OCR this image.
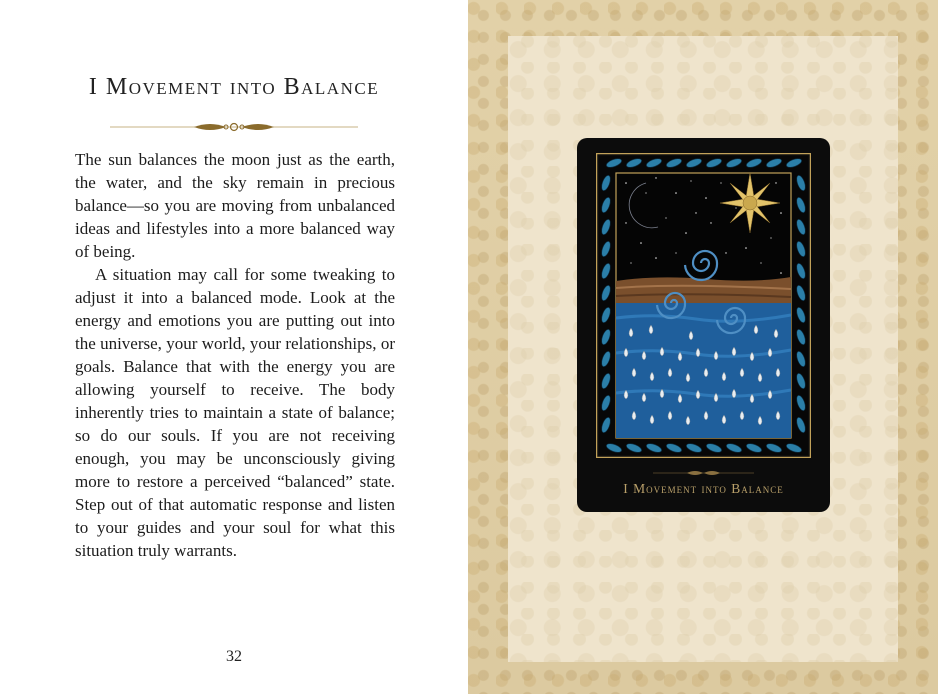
I Movement into Balance

The sun balances the moon just as the earth, the water, and the sky remain in precious balance—so you are moving from unbalanced ideas and lifestyles into a more balanced way of being.

A situation may call for some tweaking to adjust it into a balanced mode. Look at the energy and emotions you are putting out into the universe, your world, your relationships, or goals. Balance that with the energy you are allowing yourself to receive. The body inherently tries to maintain a state of balance; so do our souls. If you are not receiving enough, you may be unconsciously giving more to restore a perceived “balanced” state. Step out of that automatic response and listen to your guides and your soul for what this situation truly warrants.

32
I Movement into Balance
